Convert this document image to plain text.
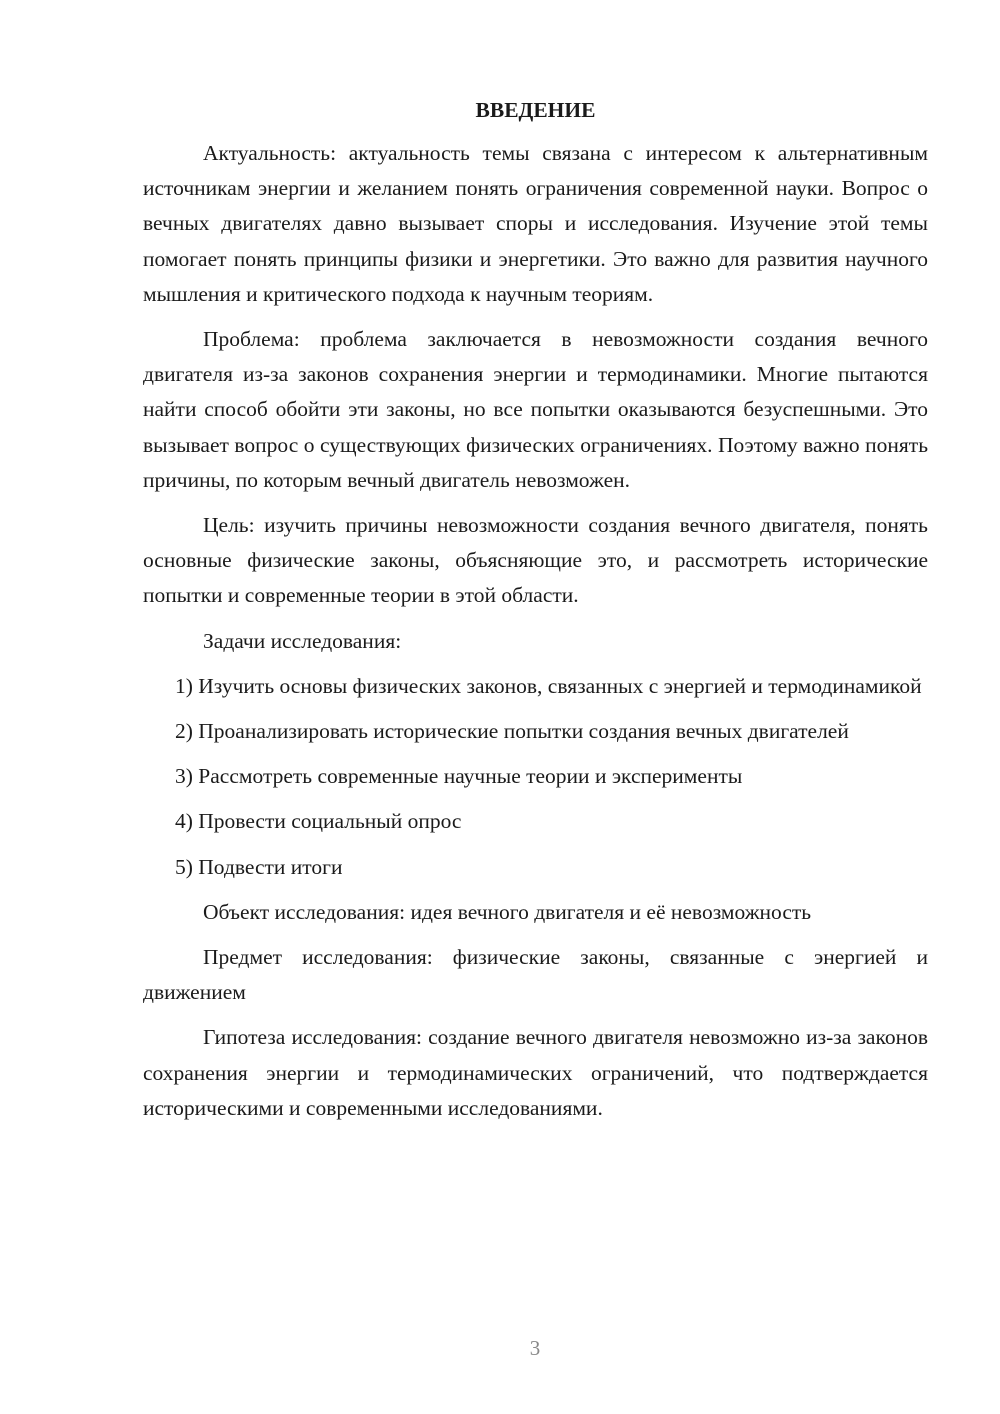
ВВЕДЕНИЕ

Актуальность: актуальность темы связана с интересом к альтернативным источникам энергии и желанием понять ограничения современной науки. Вопрос о вечных двигателях давно вызывает споры и исследования. Изучение этой темы помогает понять принципы физики и энергетики. Это важно для развития научного мышления и критического подхода к научным теориям.

Проблема: проблема заключается в невозможности создания вечного двигателя из-за законов сохранения энергии и термодинамики. Многие пытаются найти способ обойти эти законы, но все попытки оказываются безуспешными. Это вызывает вопрос о существующих физических ограничениях. Поэтому важно понять причины, по которым вечный двигатель невозможен.

Цель: изучить причины невозможности создания вечного двигателя, понять основные физические законы, объясняющие это, и рассмотреть исторические попытки и современные теории в этой области.

Задачи исследования:

1) Изучить основы физических законов, связанных с энергией и термодинамикой

2) Проанализировать исторические попытки создания вечных двигателей

3) Рассмотреть современные научные теории и эксперименты

4) Провести социальный опрос

5) Подвести итоги

Объект исследования: идея вечного двигателя и её невозможность

Предмет исследования: физические законы, связанные с энергией и движением

Гипотеза исследования: создание вечного двигателя невозможно из-за законов сохранения энергии и термодинамических ограничений, что подтверждается историческими и современными исследованиями.

3
